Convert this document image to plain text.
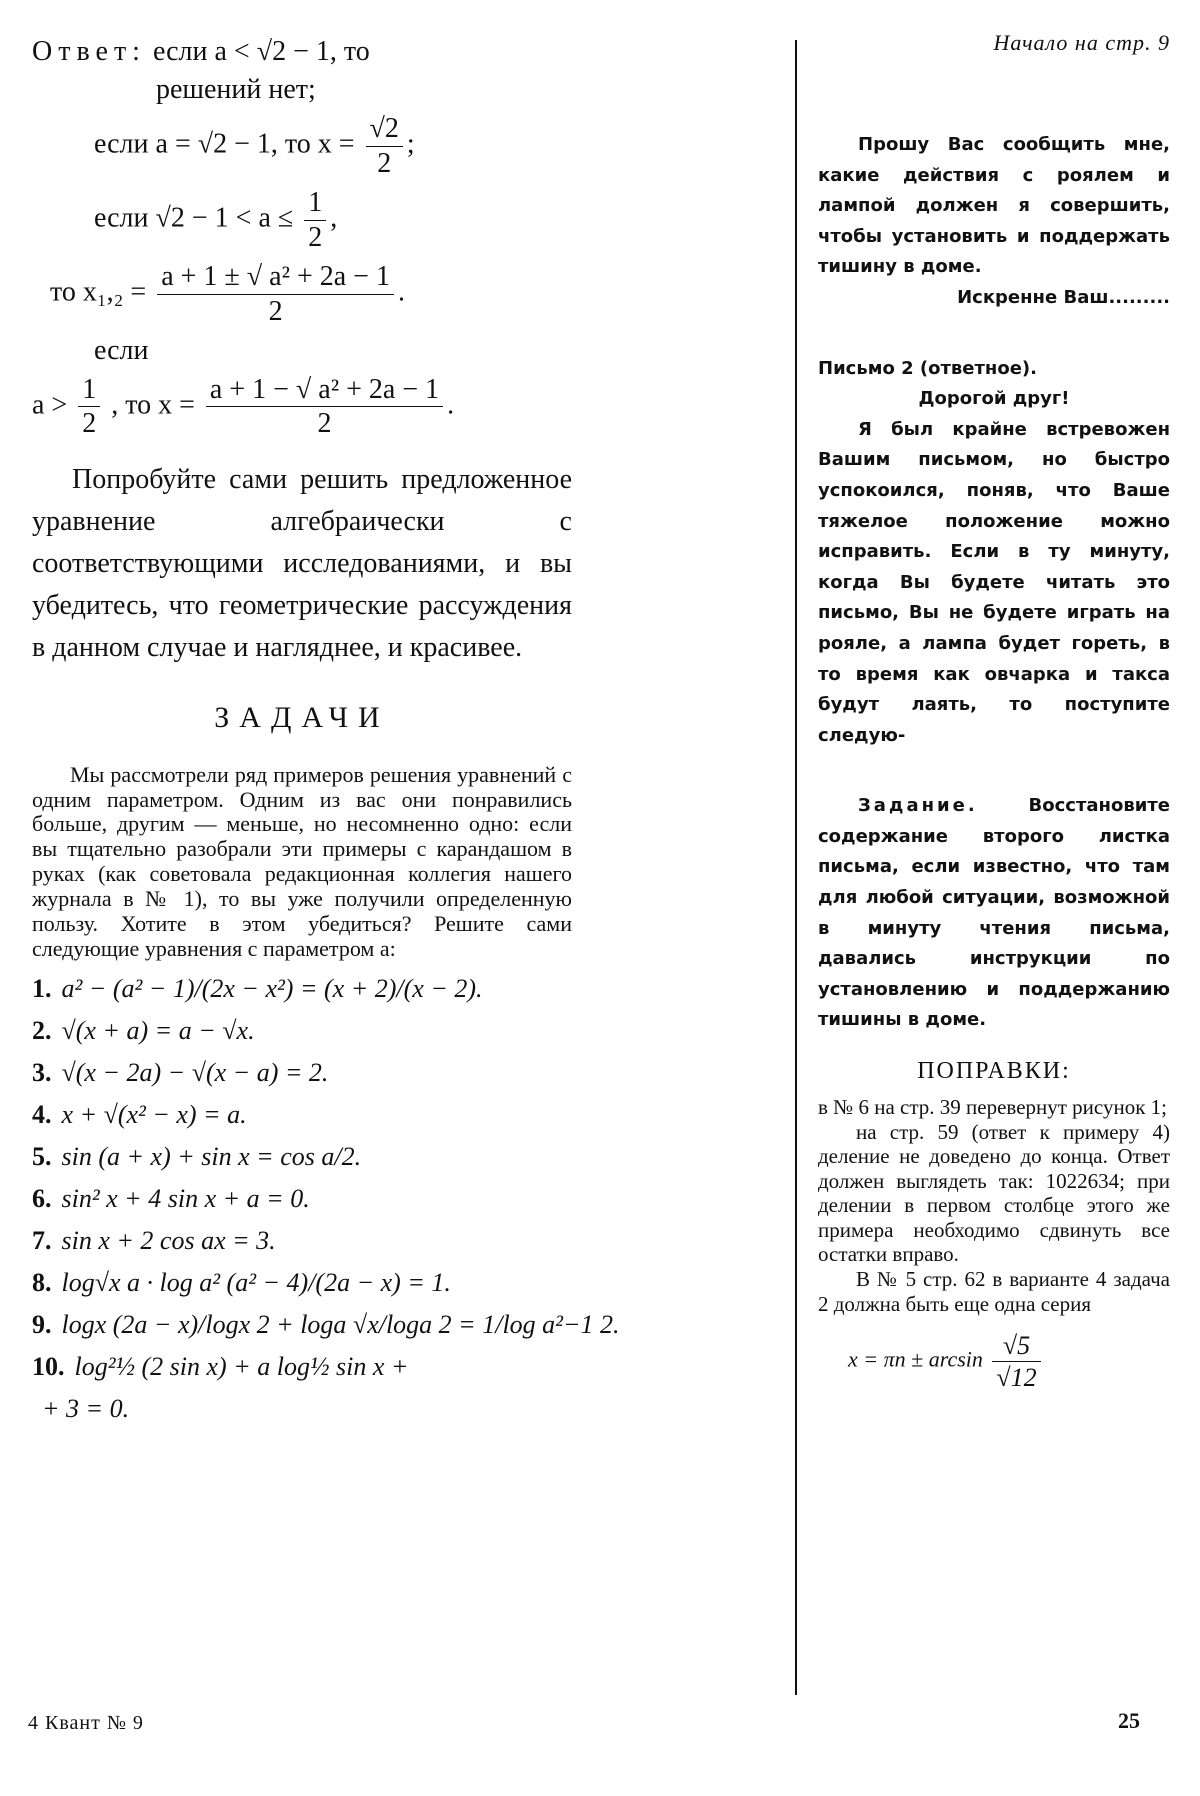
Ответ: если a < √2 − 1, то
решений нет;
если a = √2 − 1, то $x = \frac{√2}{2}$ ;
если $√2 - 1 < a \le \frac{1}{2}$ ,
то $x_1,_2 = \frac{\text{a + 1 ± √ a² + 2a − 1}}{2}$ .
если
$a > \frac{1}{2}$ , то $x = \frac{\text{a + 1 − √ a² + 2a − 1}}{2}$ .

Попробуйте сами решить предложенное уравнение алгебраически с соответствующими исследованиями, и вы убедитесь, что геометрические рассуждения в данном случае и нагляднее, и красивее.

ЗАДАЧИ

Мы рассмотрели ряд примеров решения уравнений с одним параметром. Одним из вас они понравились больше, другим — меньше, но несомненно одно: если вы тщательно разобрали эти примеры с карандашом в руках (как советовала редакционная коллегия нашего журнала в № 1), то вы уже получили определенную пользу. Хотите в этом убедиться? Решите сами следующие уравнения с параметром a:

1. a² − (a² − 1)/(2x − x²) = (x + 2)/(x − 2).
2. √(x + a) = a − √x.
3. √(x − 2a) − √(x − a) = 2.
4. x + √(x² − x) = a.
5. sin (a + x) + sin x = cos a/2.
6. sin² x + 4 sin x + a = 0.
7. sin x + 2 cos ax = 3.
8. log√x a · log a² (a² − 4)/(2a − x) = 1.
9. logx (2a − x)/logx 2 + loga √x/loga 2 = 1/log a²−1 2.
10. log²½ (2 sin x) + a log½ sin x +
+ 3 = 0.
Начало на стр. 9

Прошу Вас сообщить мне, какие действия с роялем и лампой должен я совершить, чтобы установить и поддержать тишину в доме.

Искренне Ваш.........

Письмо 2 (ответное).

Дорогой друг!

Я был крайне встревожен Вашим письмом, но быстро успокоился, поняв, что Ваше тяжелое положение можно исправить. Если в ту минуту, когда Вы будете читать это письмо, Вы не будете играть на рояле, а лампа будет гореть, в то время как овчарка и такса будут лаять, то поступите следую-

Задание.	Восстановите содержание второго листка письма, если известно, что там для любой ситуации, возможной в минуту чтения письма, давались инструкции по установлению и поддержанию тишины в доме.

ПОПРАВКИ:

в № 6 на стр. 39 перевернут рисунок 1;

на стр. 59 (ответ к примеру 4) деление не доведено до конца. Ответ должен выглядеть так: 1022634; при делении в первом столбце этого же примера необходимо сдвинуть все остатки вправо.

В № 5 стр. 62 в варианте 4 задача 2 должна быть еще одна серия

$x = \pi n \pm \arcsin \frac{√5}{√12}$
4 Квант № 9	25
